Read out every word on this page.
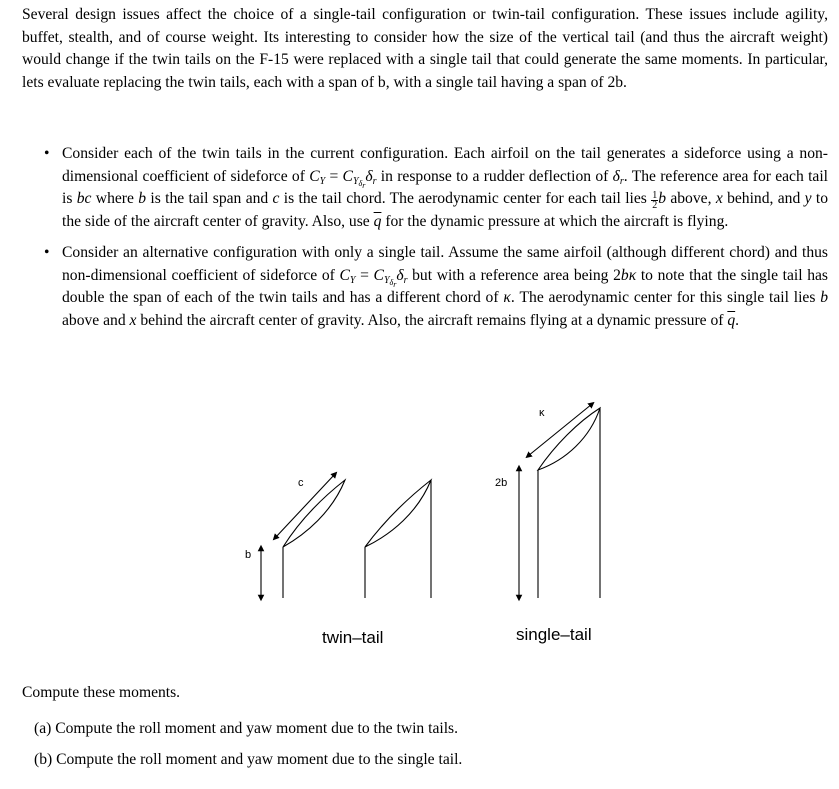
Several design issues affect the choice of a single-tail configuration or twin-tail configuration. These issues include agility, buffet, stealth, and of course weight. Its interesting to consider how the size of the vertical tail (and thus the aircraft weight) would change if the twin tails on the F-15 were replaced with a single tail that could generate the same moments. In particular, lets evaluate replacing the twin tails, each with a span of b, with a single tail having a span of 2b.
• Consider each of the twin tails in the current configuration. Each airfoil on the tail generates a sideforce using a non-dimensional coefficient of sideforce of $C_Y = C_{Y_{\delta_r}}\delta_r$ in response to a rudder deflection of $\delta_r$. The reference area for each tail is bc where b is the tail span and c is the tail chord. The aerodynamic center for each tail lies $\frac{1}{2}$ b above, x behind, and y to the side of the aircraft center of gravity. Also, use $\overline{q}$ for the dynamic pressure at which the aircraft is flying.
• Consider an alternative configuration with only a single tail. Assume the same airfoil (although different chord) and thus non-dimensional coefficient of sideforce of $C_Y = C_{Y_{\delta_r}}\delta_r$ but with a reference area being 2bκ to note that the single tail has double the span of each of the twin tails and has a different chord of κ. The aerodynamic center for this single tail lies b above and x behind the aircraft center of gravity. Also, the aircraft remains flying at a dynamic pressure of $\overline{q}$.
c
b
2b
κ
twin–tail	single–tail
Compute these moments.
(a) Compute the roll moment and yaw moment due to the twin tails.
(b) Compute the roll moment and yaw moment due to the single tail.
